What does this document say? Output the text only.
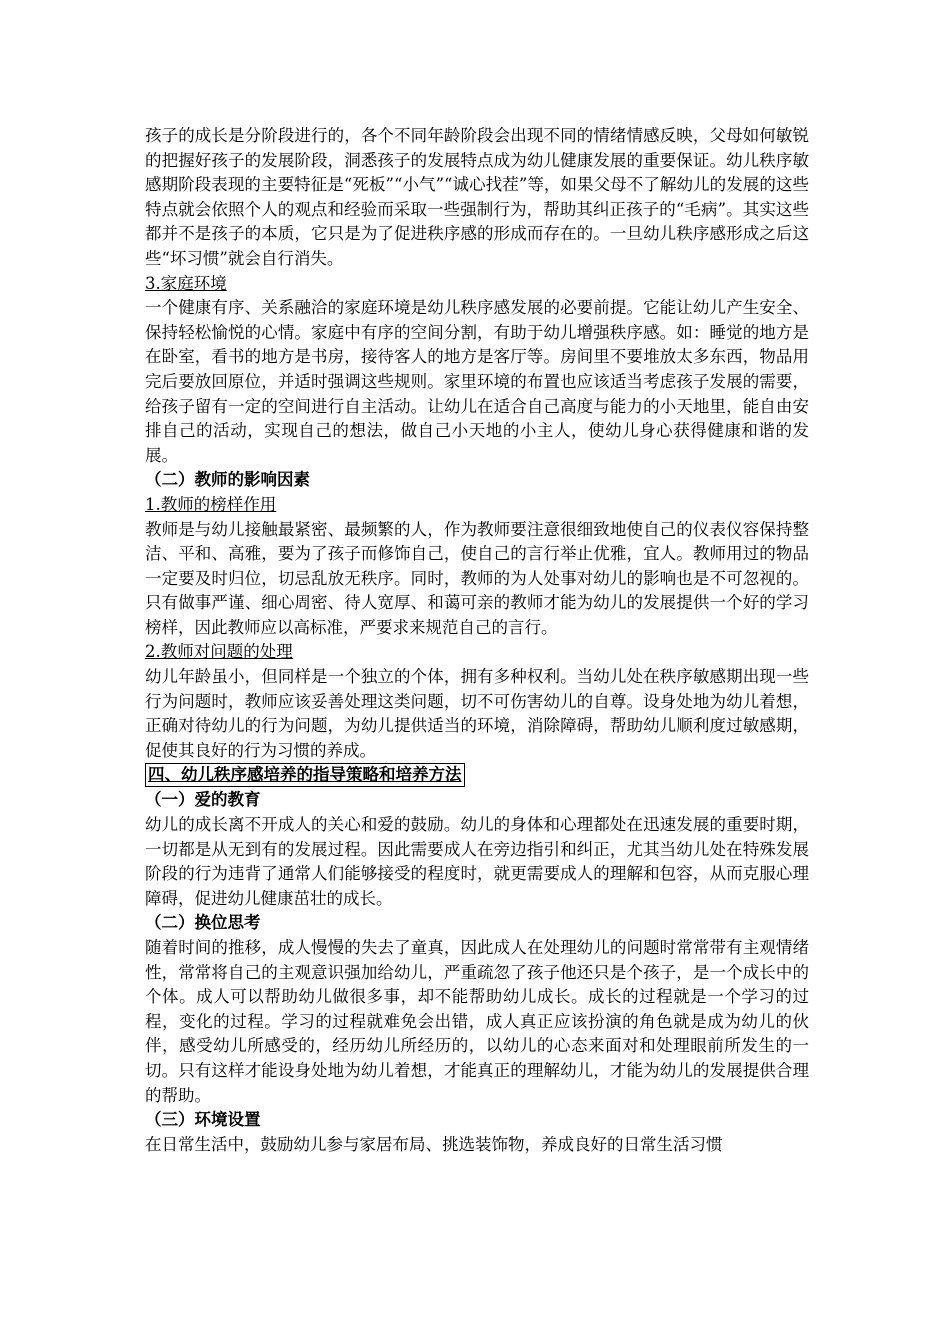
孩子的成长是分阶段进行的，各个不同年龄阶段会出现不同的情绪情感反映，父母如何敏锐的把握好孩子的发展阶段，洞悉孩子的发展特点成为幼儿健康发展的重要保证。幼儿秩序敏感期阶段表现的主要特征是“死板”“小气”“诚心找茬”等，如果父母不了解幼儿的发展的这些特点就会依照个人的观点和经验而采取一些强制行为，帮助其纠正孩子的“毛病”。其实这些都并不是孩子的本质，它只是为了促进秩序感的形成而存在的。一旦幼儿秩序感形成之后这些“坏习惯”就会自行消失。

3.家庭环境

一个健康有序、关系融洽的家庭环境是幼儿秩序感发展的必要前提。它能让幼儿产生安全、保持轻松愉悦的心情。家庭中有序的空间分割，有助于幼儿增强秩序感。如：睡觉的地方是在卧室，看书的地方是书房，接待客人的地方是客厅等。房间里不要堆放太多东西，物品用完后要放回原位，并适时强调这些规则。家里环境的布置也应该适当考虑孩子发展的需要，给孩子留有一定的空间进行自主活动。让幼儿在适合自己高度与能力的小天地里，能自由安排自己的活动，实现自己的想法，做自己小天地的小主人，使幼儿身心获得健康和谐的发展。

（二）教师的影响因素

1.教师的榜样作用

教师是与幼儿接触最紧密、最频繁的人，作为教师要注意很细致地使自己的仪表仪容保持整洁、平和、高雅，要为了孩子而修饰自己，使自己的言行举止优雅，宜人。教师用过的物品一定要及时归位，切忌乱放无秩序。同时，教师的为人处事对幼儿的影响也是不可忽视的。只有做事严谨、细心周密、待人宽厚、和蔼可亲的教师才能为幼儿的发展提供一个好的学习榜样，因此教师应以高标准，严要求来规范自己的言行。

2.教师对问题的处理

幼儿年龄虽小，但同样是一个独立的个体，拥有多种权利。当幼儿处在秩序敏感期出现一些行为问题时，教师应该妥善处理这类问题，切不可伤害幼儿的自尊。设身处地为幼儿着想，正确对待幼儿的行为问题，为幼儿提供适当的环境，消除障碍，帮助幼儿顺利度过敏感期，促使其良好的行为习惯的养成。

四、幼儿秩序感培养的指导策略和培养方法

（一）爱的教育

幼儿的成长离不开成人的关心和爱的鼓励。幼儿的身体和心理都处在迅速发展的重要时期，一切都是从无到有的发展过程。因此需要成人在旁边指引和纠正，尤其当幼儿处在特殊发展阶段的行为违背了通常人们能够接受的程度时，就更需要成人的理解和包容，从而克服心理障碍，促进幼儿健康茁壮的成长。

（二）换位思考

随着时间的推移，成人慢慢的失去了童真，因此成人在处理幼儿的问题时常常带有主观情绪性，常常将自己的主观意识强加给幼儿，严重疏忽了孩子他还只是个孩子，是一个成长中的个体。成人可以帮助幼儿做很多事，却不能帮助幼儿成长。成长的过程就是一个学习的过程，变化的过程。学习的过程就难免会出错，成人真正应该扮演的角色就是成为幼儿的伙伴，感受幼儿所感受的，经历幼儿所经历的，以幼儿的心态来面对和处理眼前所发生的一切。只有这样才能设身处地为幼儿着想，才能真正的理解幼儿，才能为幼儿的发展提供合理的帮助。

（三）环境设置

在日常生活中，鼓励幼儿参与家居布局、挑选装饰物，养成良好的日常生活习惯
